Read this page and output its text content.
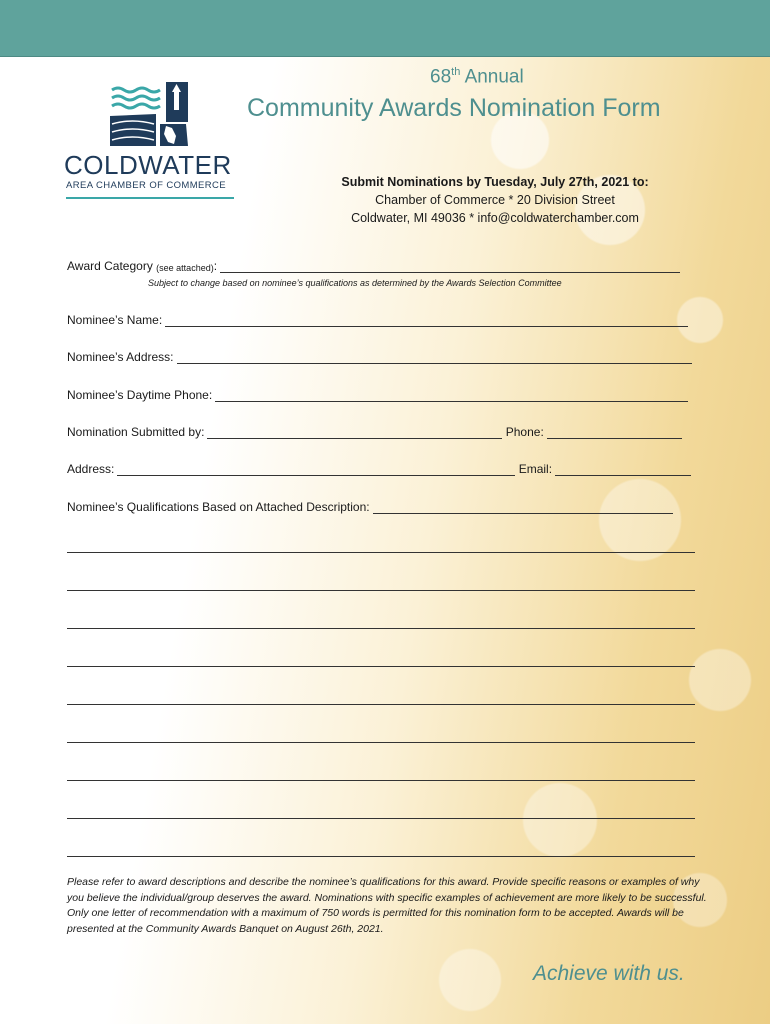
COLDWATER
AREA CHAMBER OF COMMERCE
68th Annual
Community Awards Nomination Form
Submit Nominations by Tuesday, July 27th, 2021 to:
Chamber of Commerce * 20 Division Street
Coldwater, MI 49036 * info@coldwaterchamber.com
Award Category
(see attached) :
Subject to change based on nominee’s qualifications as determined by the Awards Selection Committee
Nominee’s Name:
Nominee’s Address:
Nominee’s Daytime Phone:
Nomination Submitted by:
	Phone:
Address:
	Email:
Nominee’s Qualifications Based on Attached Description:
Please refer to award descriptions and describe the nominee’s qualifications for this award. Provide specific reasons or examples of why you believe the individual/group deserves the award. Nominations with specific examples of achievement are more likely to be successful. Only one letter of recommendation with a maximum of 750 words is permitted for this nomination form to be accepted. Awards will be presented at the Community Awards Banquet on August 26th, 2021.
Achieve with us.
